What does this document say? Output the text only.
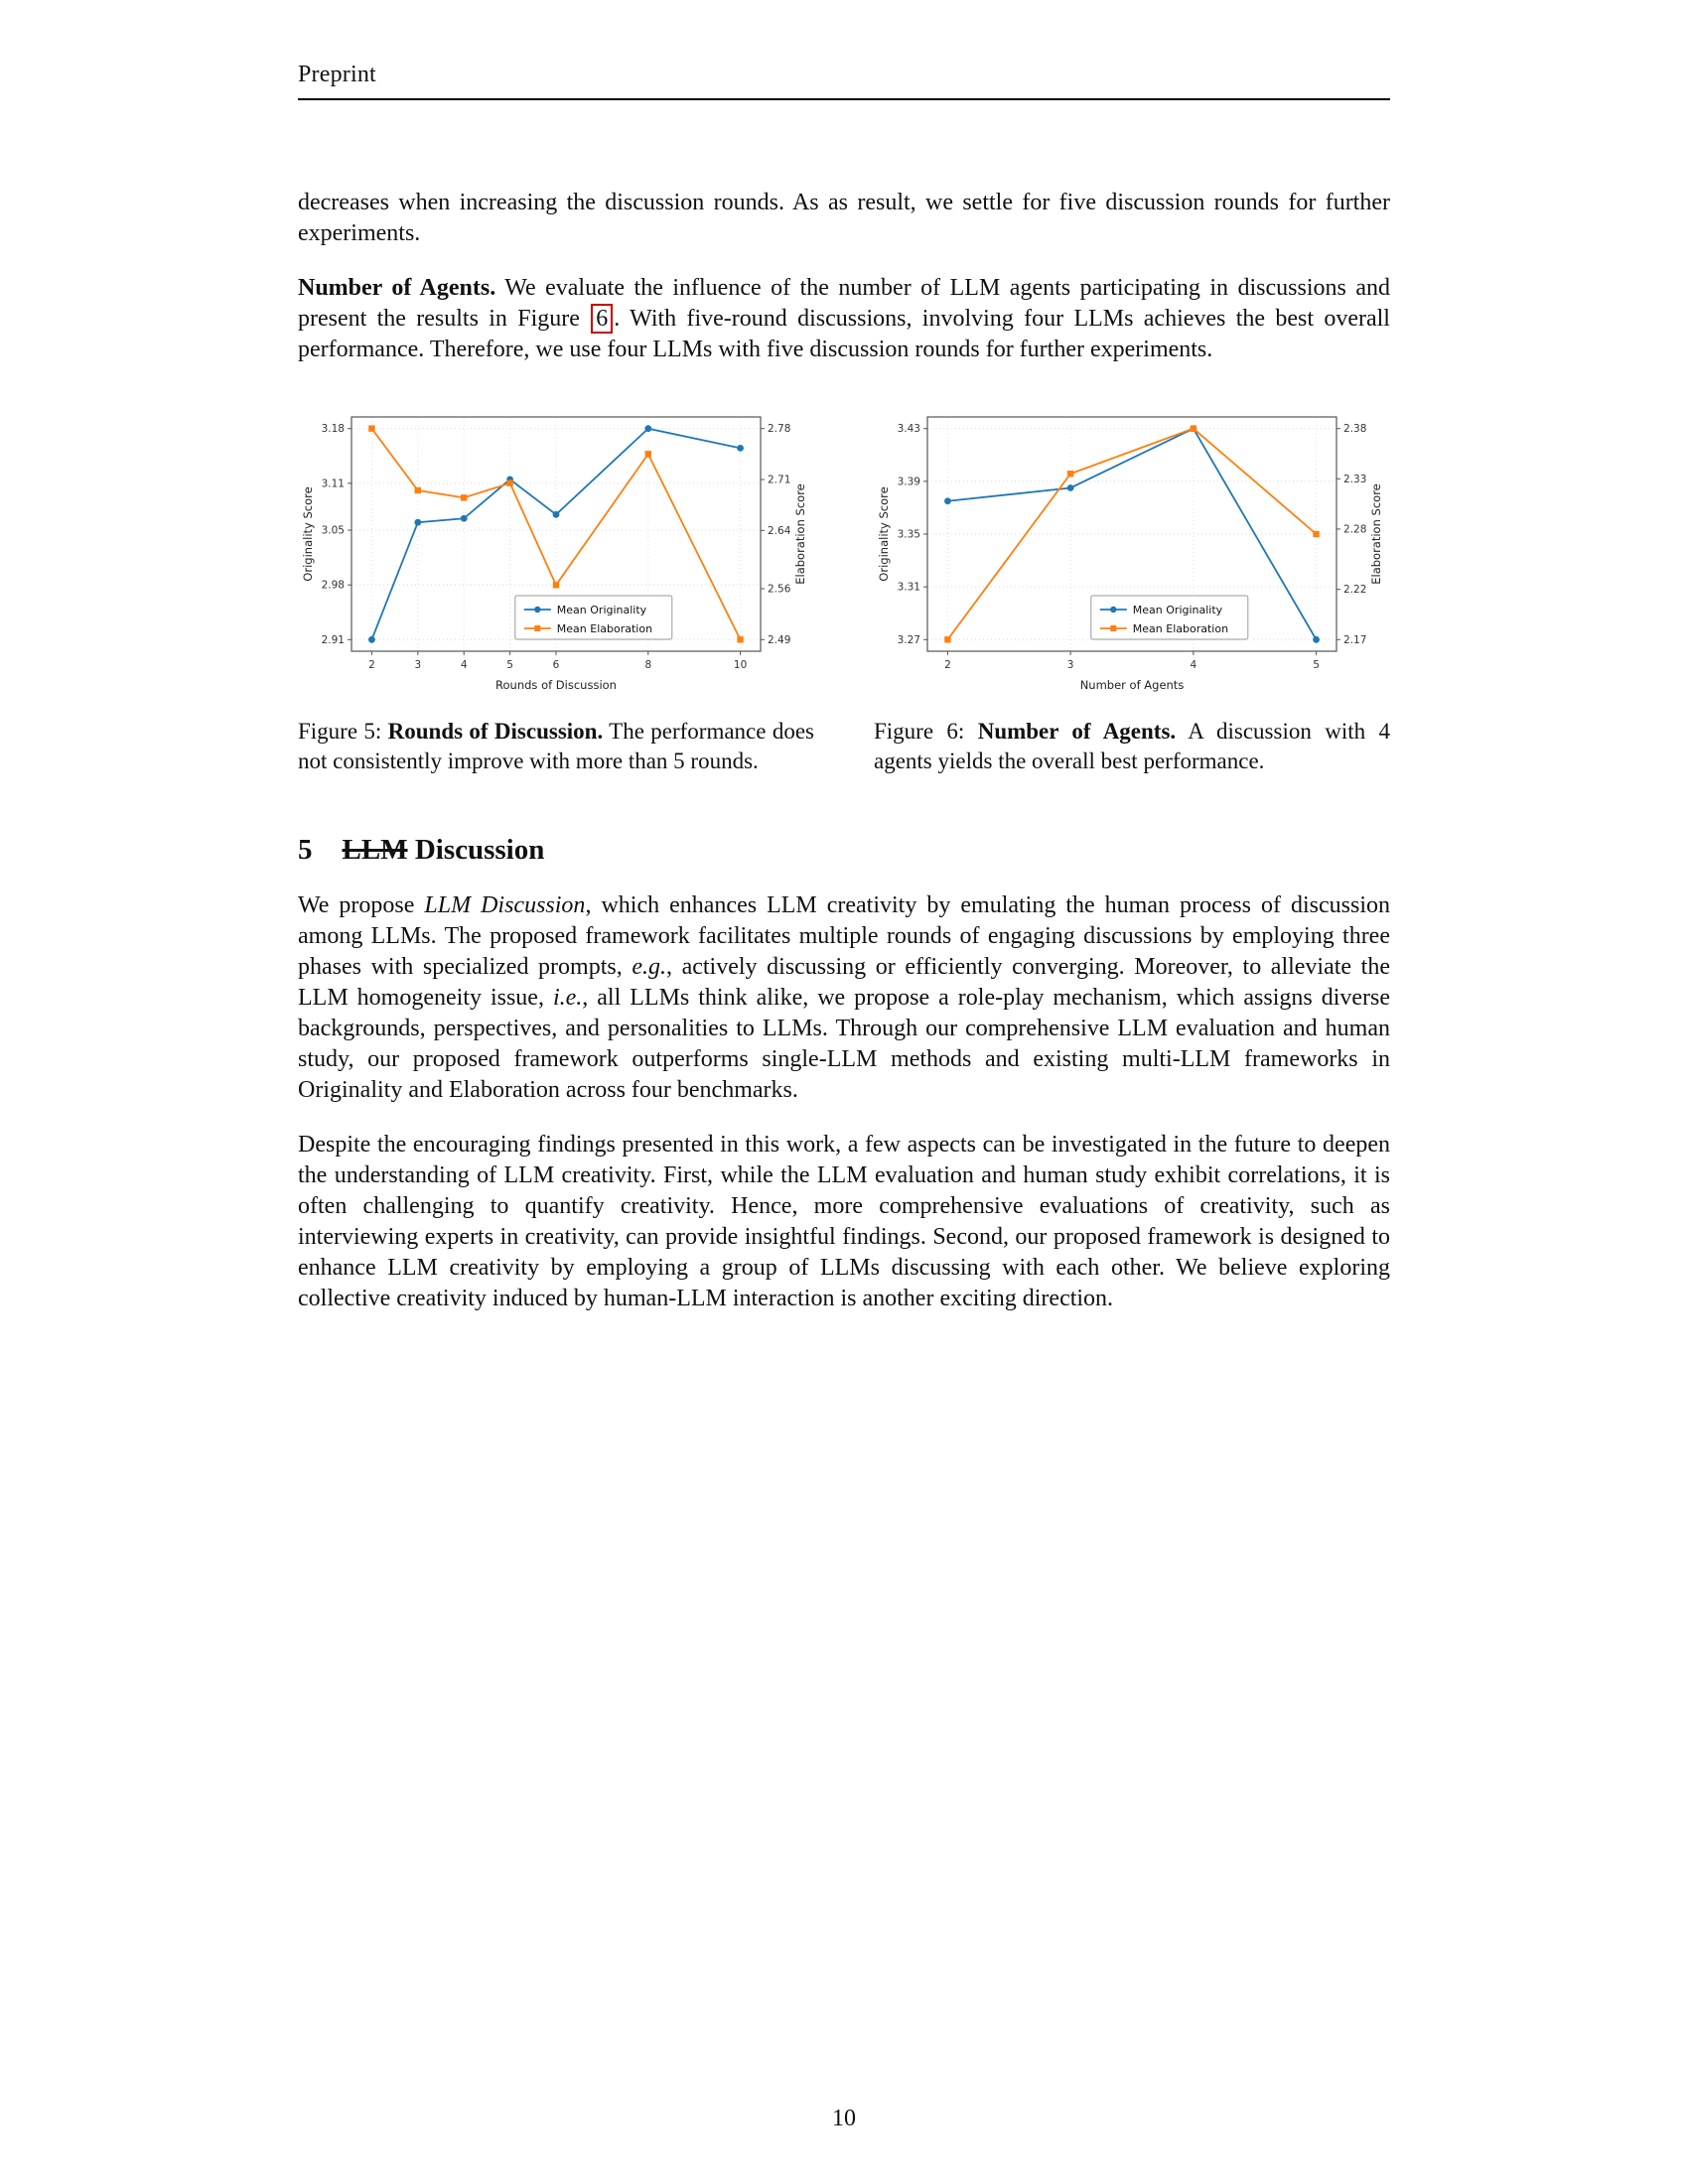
Preprint

decreases when increasing the discussion rounds. As as result, we settle for five discussion rounds for further experiments.

Number of Agents. We evaluate the influence of the number of LLM agents participating in discussions and present the results in Figure 6 . With five-round discussions, involving four LLMs achieves the best overall performance. Therefore, we use four LLMs with five discussion rounds for further experiments.

2	3	4	5	6	8	10
2.91
2.98
3.05
3.11
3.18
2.49
2.56
2.64
2.71
2.78
Rounds of Discussion
Originality Score	Elaboration Score
Mean Originality
Mean Elaboration
Figure 5: Rounds of Discussion. The performance does not consistently improve with more than 5 rounds.
2	3	4	5
3.27
3.31
3.35
3.39
3.43
2.17
2.22
2.28
2.33
2.38
Number of Agents
Originality Score	Elaboration Score
Mean Originality
Mean Elaboration
Figure 6: Number of Agents. A discussion with 4 agents yields the overall best performance.
5 LLM Discussion

We propose LLM Discussion, which enhances LLM creativity by emulating the human process of discussion among LLMs. The proposed framework facilitates multiple rounds of engaging discussions by employing three phases with specialized prompts, e.g., actively discussing or efficiently converging. Moreover, to alleviate the LLM homogeneity issue, i.e., all LLMs think alike, we propose a role-play mechanism, which assigns diverse backgrounds, perspectives, and personalities to LLMs. Through our comprehensive LLM evaluation and human study, our proposed framework outperforms single-LLM methods and existing multi-LLM frameworks in Originality and Elaboration across four benchmarks.

Despite the encouraging findings presented in this work, a few aspects can be investigated in the future to deepen the understanding of LLM creativity. First, while the LLM evaluation and human study exhibit correlations, it is often challenging to quantify creativity. Hence, more comprehensive evaluations of creativity, such as interviewing experts in creativity, can provide insightful findings. Second, our proposed framework is designed to enhance LLM creativity by employing a group of LLMs discussing with each other. We believe exploring collective creativity induced by human-LLM interaction is another exciting direction.

10
